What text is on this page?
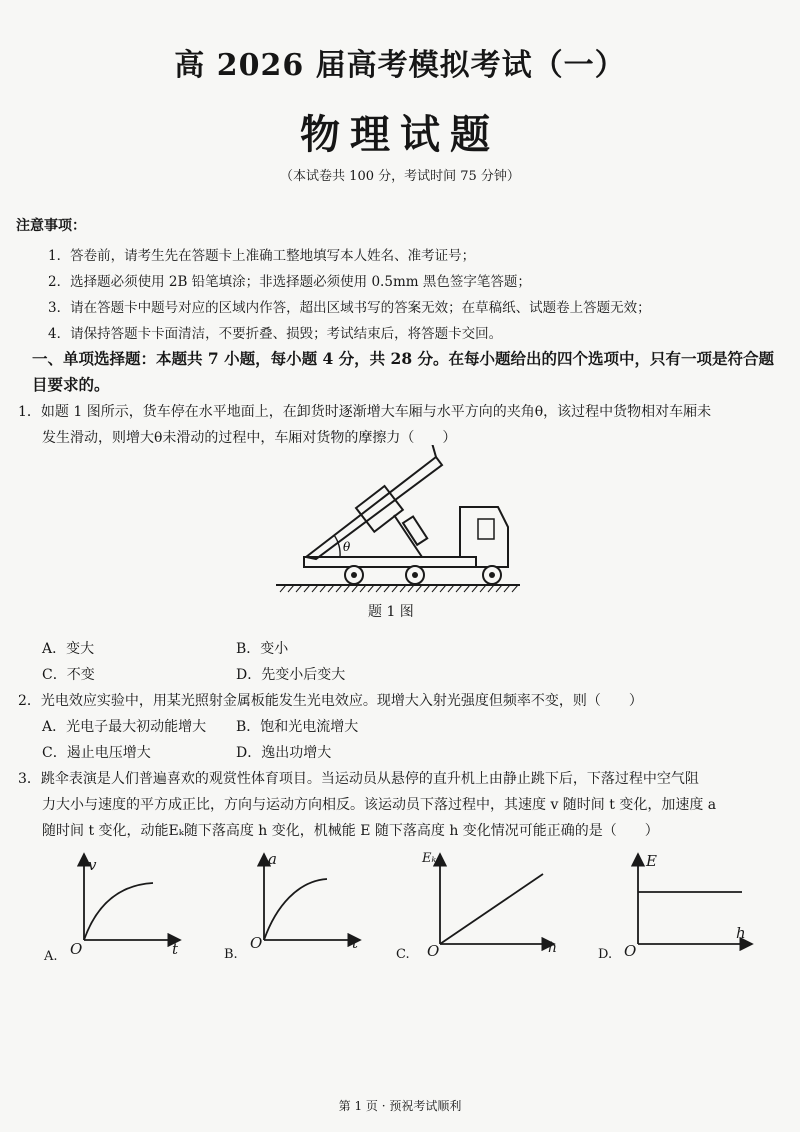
高 2026 届高考模拟考试（一）
物理试题
（本试卷共 100 分，考试时间 75 分钟）
注意事项：
1．答卷前，请考生先在答题卡上准确工整地填写本人姓名、准考证号；
2．选择题必须使用 2B 铅笔填涂；非选择题必须使用 0.5mm 黑色签字笔答题；
3．请在答题卡中题号对应的区域内作答，超出区域书写的答案无效；在草稿纸、试题卷上答题无效；
4．请保持答题卡卡面清洁，不要折叠、损毁；考试结束后，将答题卡交回。
一、单项选择题：本题共 7 小题，每小题 4 分，共 28 分。在每小题给出的四个选项中，只有一项是符合题目要求的。
1．如题 1 图所示，货车停在水平地面上，在卸货时逐渐增大车厢与水平方向的夹角θ，该过程中货物相对车厢未
发生滑动，则增大θ未滑动的过程中，车厢对货物的摩擦力（　　）
θ
题 1 图
A．变大	B．变小
C．不变	D．先变小后变大
2．光电效应实验中，用某光照射金属板能发生光电效应。现增大入射光强度但频率不变，则（　　）
A．光电子最大初动能增大 B．饱和光电流增大
C．遏止电压增大	D．逸出功增大
3．跳伞表演是人们普遍喜欢的观赏性体育项目。当运动员从悬停的直升机上由静止跳下后，下落过程中空气阻
力大小与速度的平方成正比，方向与运动方向相反。该运动员下落过程中，其速度 v 随时间 t 变化，加速度 a
随时间 t 变化，动能Eₖ随下落高度 h 变化，机械能 E 随下落高度 h 变化情况可能正确的是（　　）
v
t
O
a
t
O
Eₖ
h
O
E
h
O
A.	B.	C.	D.
第 1 页 · 预祝考试顺利
